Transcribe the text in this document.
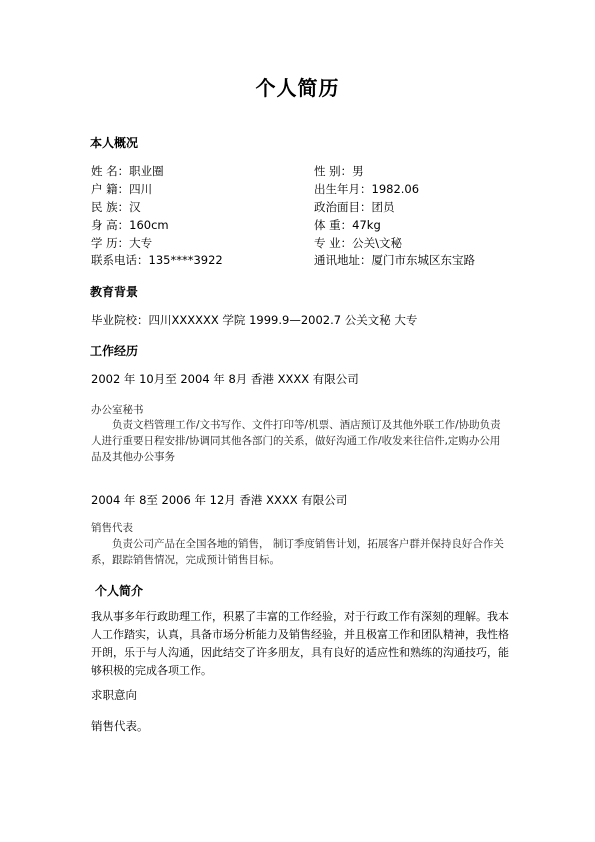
个人简历
本人概况
姓 名：职业圈
户 籍：四川
民 族：汉
身 高：160cm
学 历：大专
联系电话：135****3922
性 别：男
出生年月：1982.06
政治面目：团员
体 重：47kg
专 业：公关\文秘
通讯地址：厦门市东城区东宝路
教育背景
毕业院校：四川XXXXXX 学院 1999.9—2002.7 公关文秘 大专
工作经历
2002 年 10月至 2004 年 8月 香港 XXXX 有限公司
办公室秘书
负责文档管理工作/文书写作、文件打印等/机票、酒店预订及其他外联工作/协助负责人进行重要日程安排/协调同其他各部门的关系，做好沟通工作/收发来往信件,定购办公用品及其他办公事务
2004 年 8至 2006 年 12月 香港 XXXX 有限公司
销售代表
负责公司产品在全国各地的销售， 制订季度销售计划，拓展客户群并保持良好合作关系，跟踪销售情况，完成预计销售目标。
个人简介
我从事多年行政助理工作，积累了丰富的工作经验，对于行政工作有深刻的理解。我本人工作踏实，认真，具备市场分析能力及销售经验，并且极富工作和团队精神，我性格开朗，乐于与人沟通，因此结交了许多朋友，具有良好的适应性和熟练的沟通技巧，能够积极的完成各项工作。
求职意向
销售代表。
